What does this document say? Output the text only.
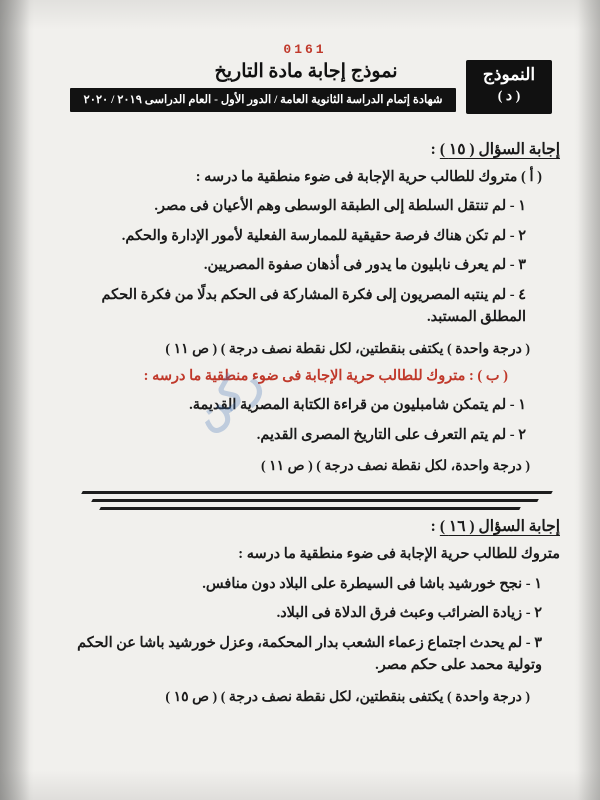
0161
النموذج
( د )
نموذج إجابة مادة التاريخ
شهادة إتمام الدراسة الثانوية العامة / الدور الأول - العام الدراسى ٢٠١٩ / ٢٠٢٠
إجابة السؤال ( ١٥ ):
( أ ) متروك للطالب حرية الإجابة فى ضوء منطقية ما درسه :
١ - لم تنتقل السلطة إلى الطبقة الوسطى وهم الأعيان فى مصر.
٢ - لم تكن هناك فرصة حقيقية للممارسة الفعلية لأمور الإدارة والحكم.
٣ - لم يعرف نابليون ما يدور فى أذهان صفوة المصريين.
٤ - لم ينتبه المصريون إلى فكرة المشاركة فى الحكم بدلًا من فكرة الحكم المطلق المستبد.
( درجة واحدة ) يكتفى بنقطتين، لكل نقطة نصف درجة ) ( ص ١١ )
( ب ) : متروك للطالب حرية الإجابة فى ضوء منطقية ما درسه :
١ - لم يتمكن شامبليون من قراءة الكتابة المصرية القديمة.
٢ - لم يتم التعرف على التاريخ المصرى القديم.
( درجة واحدة، لكل نقطة نصف درجة ) ( ص ١١ )
إجابة السؤال ( ١٦ ):
متروك للطالب حرية الإجابة فى ضوء منطقية ما درسه :
١ - نجح خورشيد باشا فى السيطرة على البلاد دون منافس.
٢ - زيادة الضرائب وعبث فرق الدلاة فى البلاد.
٣ - لم يحدث اجتماع زعماء الشعب بدار المحكمة، وعزل خورشيد باشا عن الحكم وتولية محمد على حكم مصر.
( درجة واحدة ) يكتفى بنقطتين، لكل نقطة نصف درجة ) ( ص ١٥ )
ركن
